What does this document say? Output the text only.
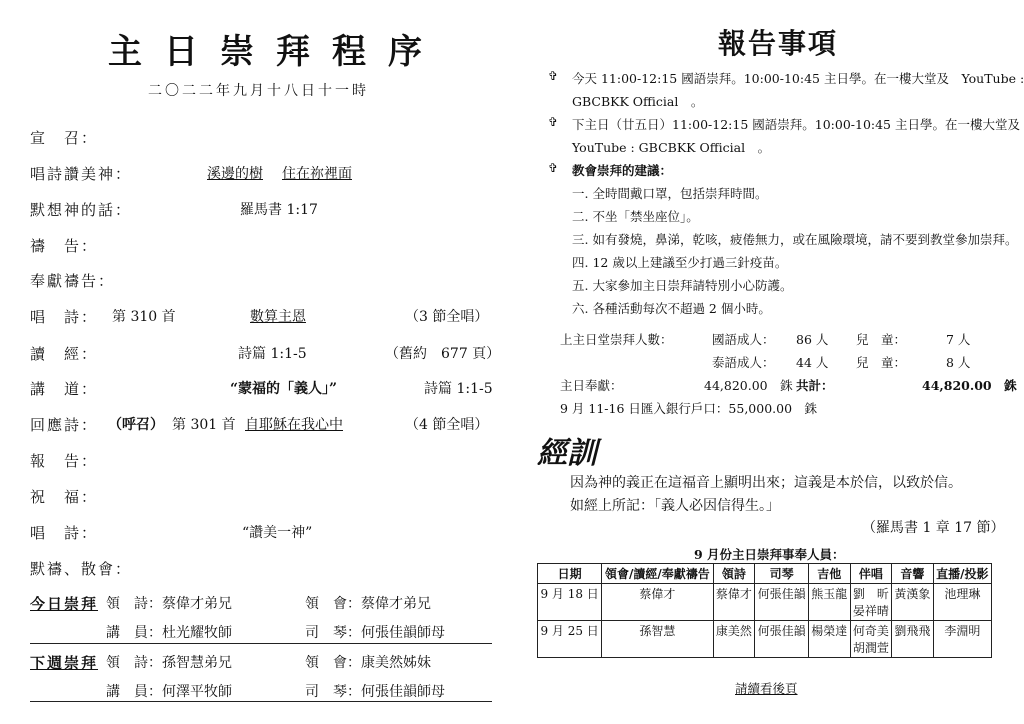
主日崇拜程序
二〇二二年九月十八日十一時
宣　召：
唱詩讚美神：	溪邊的樹 住在祢裡面
默想神的話：	羅馬書 1:17
禱　告：
奉獻禱告：
唱　詩： 第 310 首	數算主恩	（3 節全唱）
讀　經：	詩篇 1:1-5	（舊約　677 頁）
講　道：	“蒙福的「義人」”	詩篇 1:1-5
回應詩： （呼召） 第 301 首 自耶穌在我心中	（4 節全唱）
報　告：
祝　福：
唱　詩：	“讚美一神”
默禱、散會：
今日崇拜 領　詩：蔡偉才弟兄	領　會：蔡偉才弟兄
講　員：杜光耀牧師	司　琴：何張佳韻師母
下週崇拜 領　詩：孫智慧弟兄	領　會：康美然姊妹
講　員：何澤平牧師	司　琴：何張佳韻師母
報告事項
✞ 今天 11:00-12:15 國語崇拜。10:00-10:45 主日學。在一樓大堂及　YouTube :
GBCBKK Official　。
✞ 下主日（廿五日）11:00-12:15 國語崇拜。10:00-10:45 主日學。在一樓大堂及
YouTube : GBCBKK Official　。
✞ 教會崇拜的建議：
一. 全時間戴口罩，包括崇拜時間。
二. 不坐「禁坐座位」。
三. 如有發燒，鼻涕，乾咳，疲倦無力，或在風險環境，請不要到教堂參加崇拜。
四. 12 歲以上建議至少打過三針疫苗。
五. 大家參加主日崇拜請特別小心防護。
六. 各種活動每次不超過 2 個小時。
上主日堂崇拜人數：	國語成人： 86 人 兒　童：	7 人
泰語成人： 44 人 兒　童：	8 人
主日奉獻：	44,820.00　銖 共計：	44,820.00　銖
9 月 11-16 日匯入銀行戶口：55,000.00　銖
經訓
因為神的義正在這福音上顯明出來；這義是本於信，以致於信。
如經上所記：「義人必因信得生。」
（羅馬書 1 章 17 節）
9 月份主日崇拜事奉人員：
日期	領會/讀經/奉獻禱告	領詩	司琴	吉他	伴唱	音響	直播/投影
9 月 18 日	蔡偉才	蔡偉才	何張佳韻	熊玉龍	劉　昕
晏祥晴	黃漢象	池理琳
9 月 25 日	孫智慧	康美然	何張佳韻	楊榮達	何奇美
胡潤萱	劉飛飛	李淵明
請續看後頁
